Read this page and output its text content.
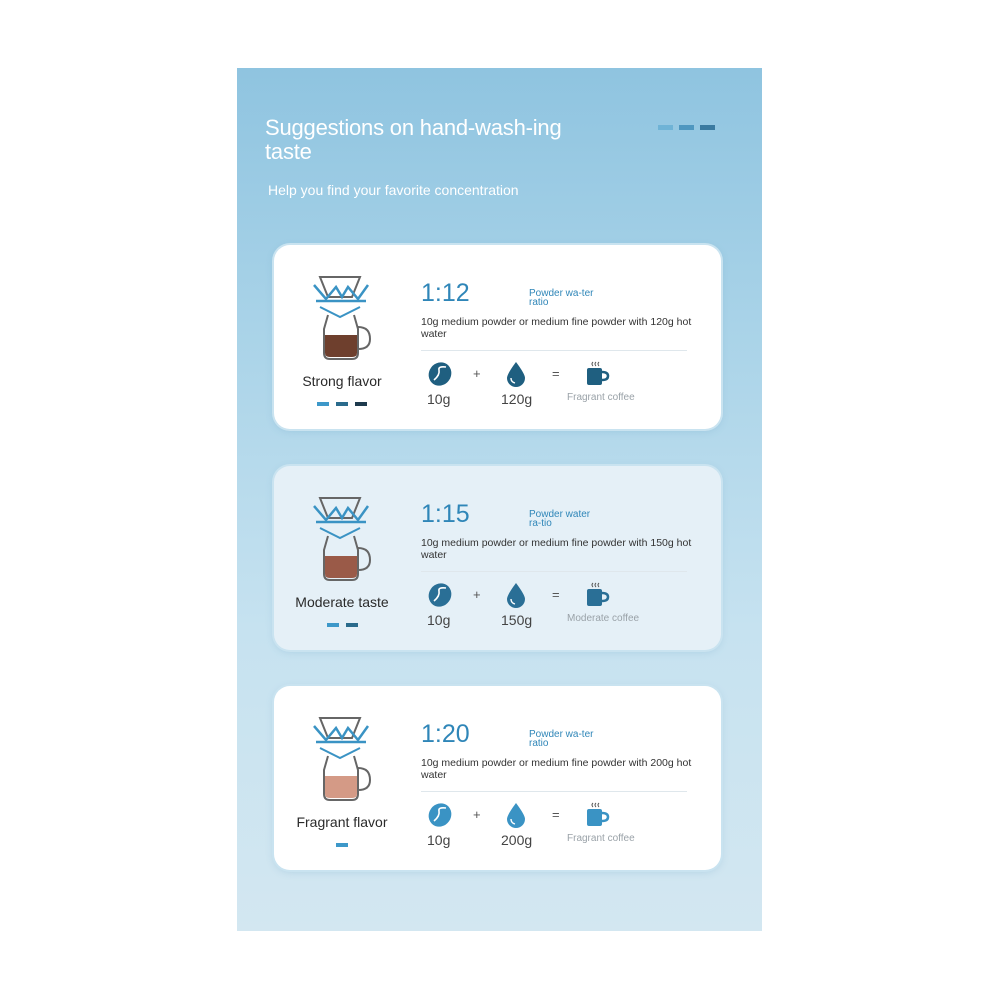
Suggestions on hand-wash-ing taste
Help you find your favorite concentration
Strong flavor
1:12	Powder wa-ter ratio
10g medium powder or medium fine powder with 120g hot water
+	=
10g	120g	Fragrant coffee
Moderate taste
1:15	Powder water ra-tio
10g medium powder or medium fine powder with 150g hot water
+	=
10g	150g	Moderate coffee
Fragrant flavor
1:20	Powder wa-ter ratio
10g medium powder or medium fine powder with 200g hot water
+	=
10g	200g	Fragrant coffee
